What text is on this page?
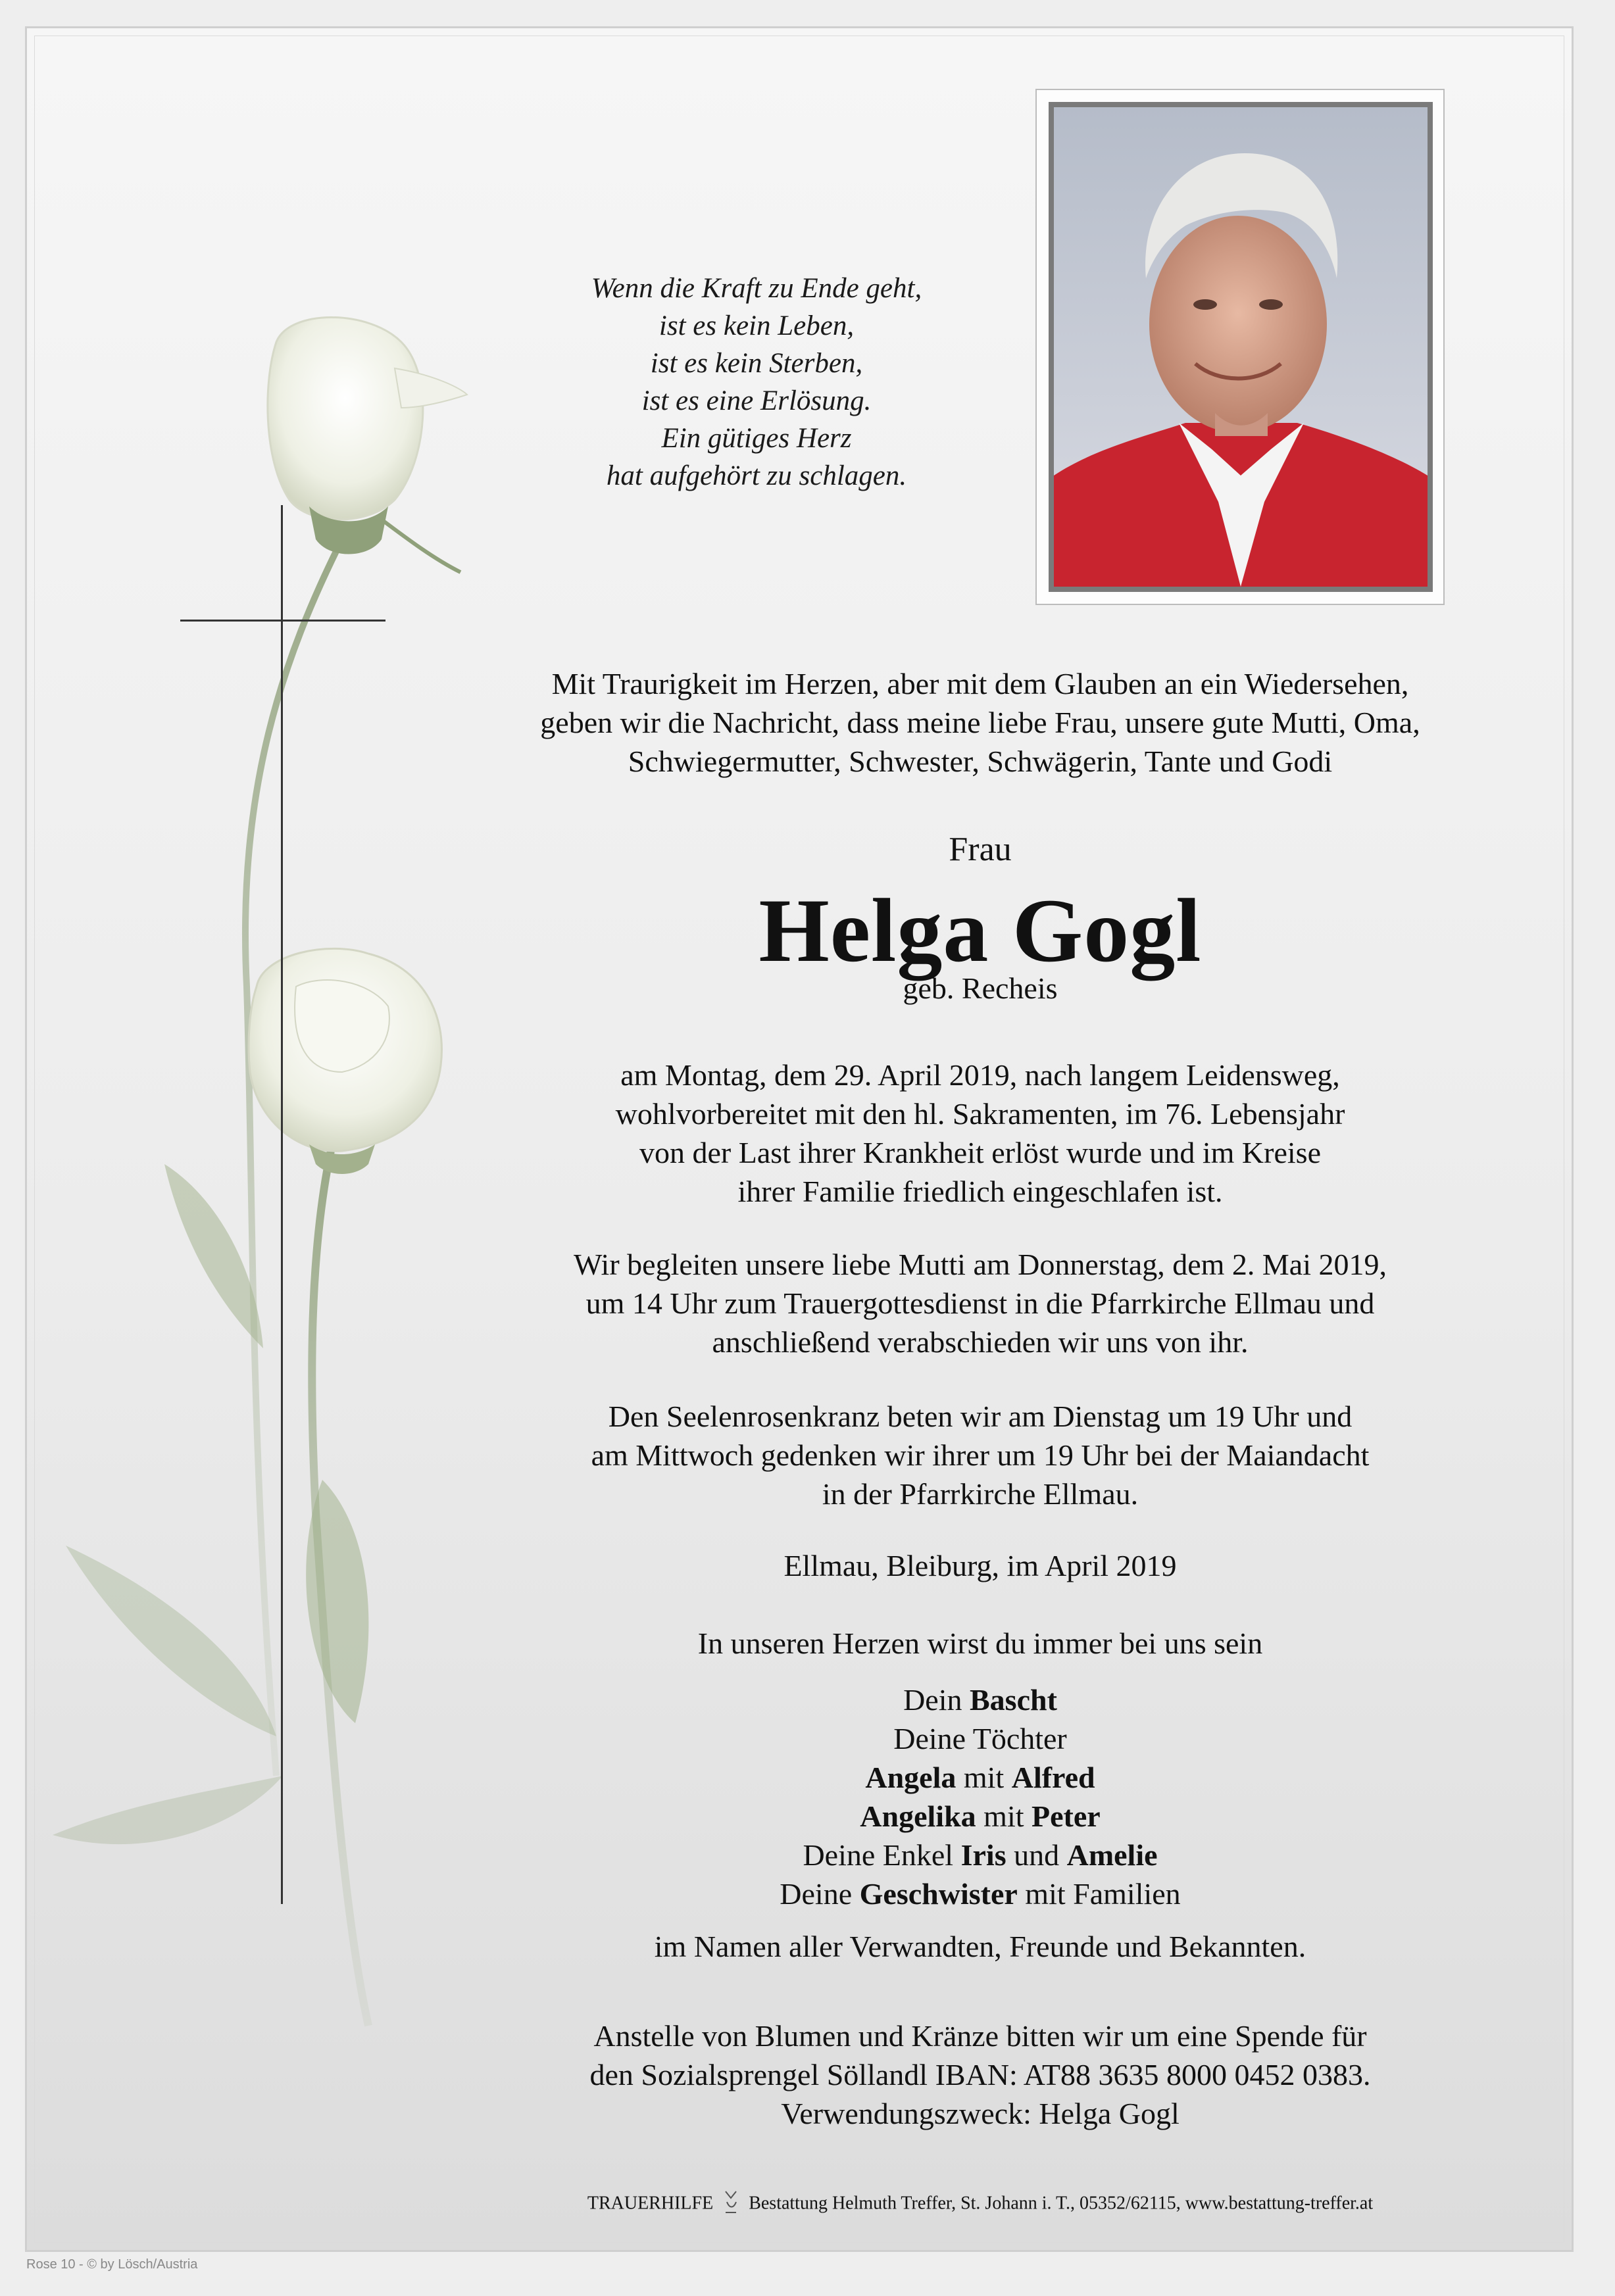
Wenn die Kraft zu Ende geht,
ist es kein Leben,
ist es kein Sterben,
ist es eine Erlösung.
Ein gütiges Herz
hat aufgehört zu schlagen.
Mit Traurigkeit im Herzen, aber mit dem Glauben an ein Wiedersehen,
geben wir die Nachricht, dass meine liebe Frau, unsere gute Mutti, Oma,
Schwiegermutter, Schwester, Schwägerin, Tante und Godi
Frau
Helga Gogl
geb. Recheis
am Montag, dem 29. April 2019, nach langem Leidensweg,
wohlvorbereitet mit den hl. Sakramenten, im 76. Lebensjahr
von der Last ihrer Krankheit erlöst wurde und im Kreise
ihrer Familie friedlich eingeschlafen ist.
Wir begleiten unsere liebe Mutti am Donnerstag, dem 2. Mai 2019,
um 14 Uhr zum Trauergottesdienst in die Pfarrkirche Ellmau und
anschließend verabschieden wir uns von ihr.
Den Seelenrosenkranz beten wir am Dienstag um 19 Uhr und
am Mittwoch gedenken wir ihrer um 19 Uhr bei der Maiandacht
in der Pfarrkirche Ellmau.
Ellmau, Bleiburg, im April 2019
In unseren Herzen wirst du immer bei uns sein
Dein Bascht
Deine Töchter
Angela mit Alfred
Angelika mit Peter
Deine Enkel Iris und Amelie
Deine Geschwister mit Familien
im Namen aller Verwandten, Freunde und Bekannten.
Anstelle von Blumen und Kränze bitten wir um eine Spende für
den Sozialsprengel Söllandl IBAN: AT88 3635 8000 0452 0383.
Verwendungszweck: Helga Gogl
TRAUERHILFE Bestattung Helmuth Treffer, St. Johann i. T., 05352/62115, www.bestattung-treffer.at
Rose 10 - © by Lösch/Austria
